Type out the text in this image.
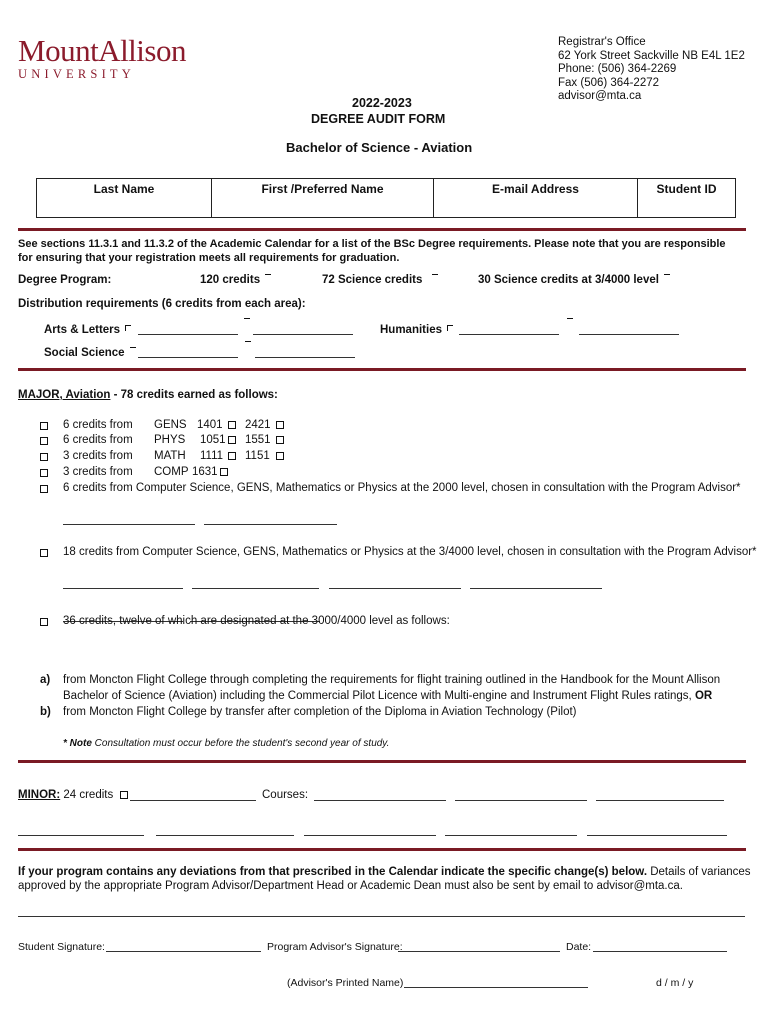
MountAllison
UNIVERSITY
Registrar's Office
62 York Street Sackville NB E4L 1E2
Phone: (506) 364-2269
Fax (506) 364-2272
advisor@mta.ca
2022-2023
DEGREE AUDIT FORM
Bachelor of Science - Aviation
Last Name	First /Preferred Name	E-mail Address	Student ID
See sections 11.3.1 and 11.3.2 of the Academic Calendar for a list of the BSc Degree requirements. Please note that you are responsible
for ensuring that your registration meets all requirements for graduation.
Degree Program:	120 credits	72 Science credits	30 Science credits at 3/4000 level
Distribution requirements (6 credits from each area):
Arts & Letters	Humanities
Social Science
MAJOR, Aviation - 78 credits earned as follows:
6 credits from GENS 1401 2421
6 credits from PHYS 1051 1551
3 credits from MATH 1111 1151
3 credits from COMP 1631
6 credits from Computer Science, GENS, Mathematics or Physics at the 2000 level, chosen in consultation with the Program Advisor*
18 credits from Computer Science, GENS, Mathematics or Physics at the 3/4000 level, chosen in consultation with the Program Advisor*
36 credits, twelve of which are designated at the 3000/4000 level as follows:
a) from Moncton Flight College through completing the requirements for flight training outlined in the Handbook for the Mount Allison
Bachelor of Science (Aviation) including the Commercial Pilot Licence with Multi-engine and Instrument Flight Rules ratings, OR
b) from Moncton Flight College by transfer after completion of the Diploma in Aviation Technology (Pilot)
* Note Consultation must occur before the student's second year of study.
MINOR: 24 credits	Courses:
If your program contains any deviations from that prescribed in the Calendar indicate the specific change(s) below. Details of variances
approved by the appropriate Program Advisor/Department Head or Academic Dean must also be sent by email to advisor@mta.ca.
Student Signature:	Program Advisor's Signature:	Date:
(Advisor's Printed Name)	d / m / y
